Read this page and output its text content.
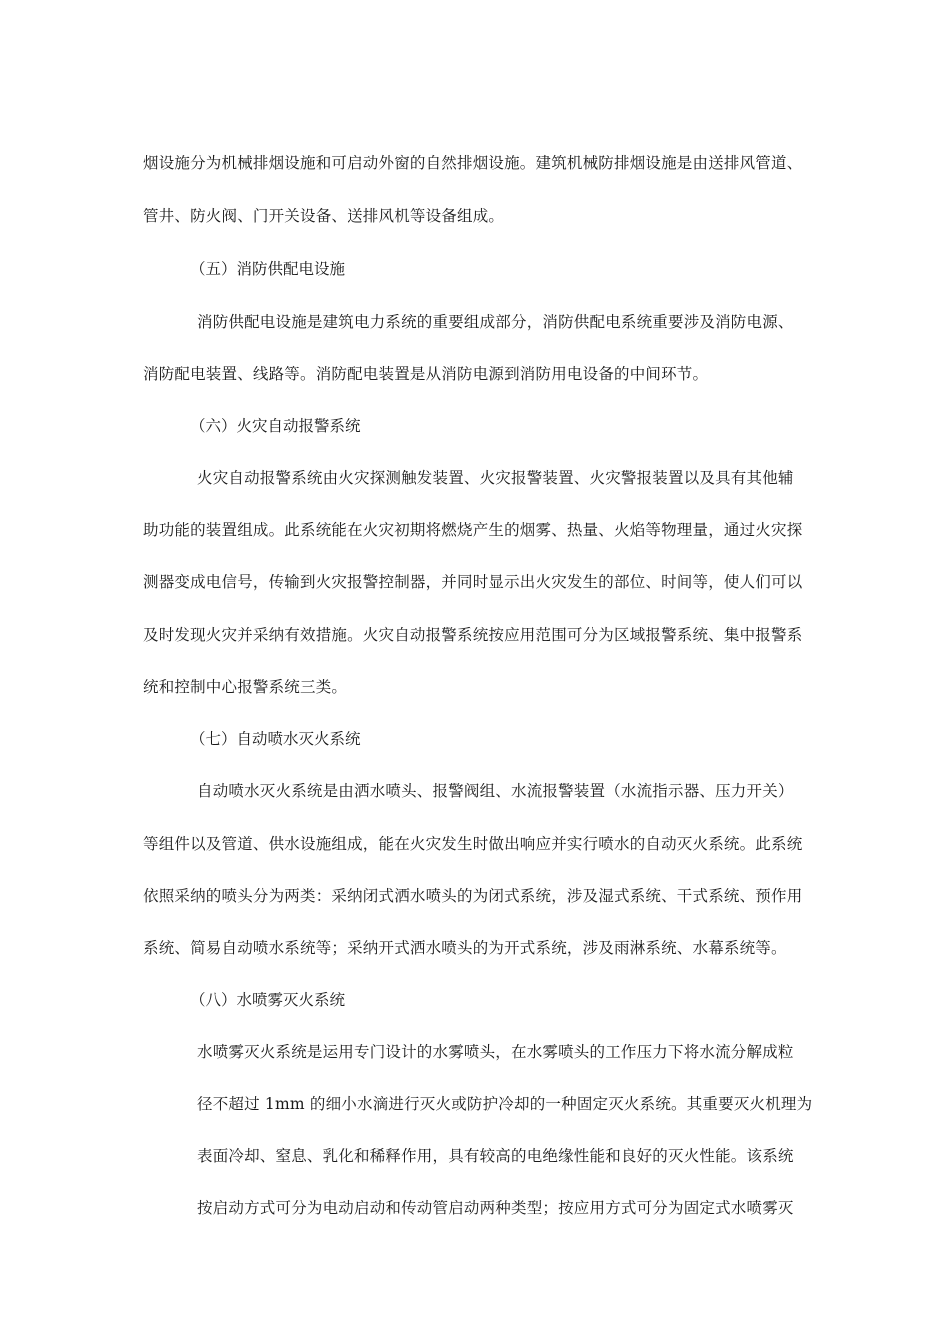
烟设施分为机械排烟设施和可启动外窗的自然排烟设施。建筑机械防排烟设施是由送排风管道、
管井、防火阀、门开关设备、送排风机等设备组成。
（五）消防供配电设施
消防供配电设施是建筑电力系统的重要组成部分，消防供配电系统重要涉及消防电源、
消防配电装置、线路等。消防配电装置是从消防电源到消防用电设备的中间环节。
（六）火灾自动报警系统
火灾自动报警系统由火灾探测触发装置、火灾报警装置、火灾警报装置以及具有其他辅
助功能的装置组成。此系统能在火灾初期将燃烧产生的烟雾、热量、火焰等物理量，通过火灾探
测器变成电信号，传输到火灾报警控制器，并同时显示出火灾发生的部位、时间等，使人们可以
及时发现火灾并采纳有效措施。火灾自动报警系统按应用范围可分为区域报警系统、集中报警系
统和控制中心报警系统三类。
（七）自动喷水灭火系统
自动喷水灭火系统是由洒水喷头、报警阀组、水流报警装置（水流指示器、压力开关）
等组件以及管道、供水设施组成，能在火灾发生时做出响应并实行喷水的自动灭火系统。此系统
依照采纳的喷头分为两类：采纳闭式洒水喷头的为闭式系统，涉及湿式系统、干式系统、预作用
系统、简易自动喷水系统等；采纳开式洒水喷头的为开式系统，涉及雨淋系统、水幕系统等。
（八）水喷雾灭火系统
水喷雾灭火系统是运用专门设计的水雾喷头，在水雾喷头的工作压力下将水流分解成粒
径不超过 1mm 的细小水滴进行灭火或防护冷却的一种固定灭火系统。其重要灭火机理为
表面冷却、窒息、乳化和稀释作用，具有较高的电绝缘性能和良好的灭火性能。该系统
按启动方式可分为电动启动和传动管启动两种类型；按应用方式可分为固定式水喷雾灭
